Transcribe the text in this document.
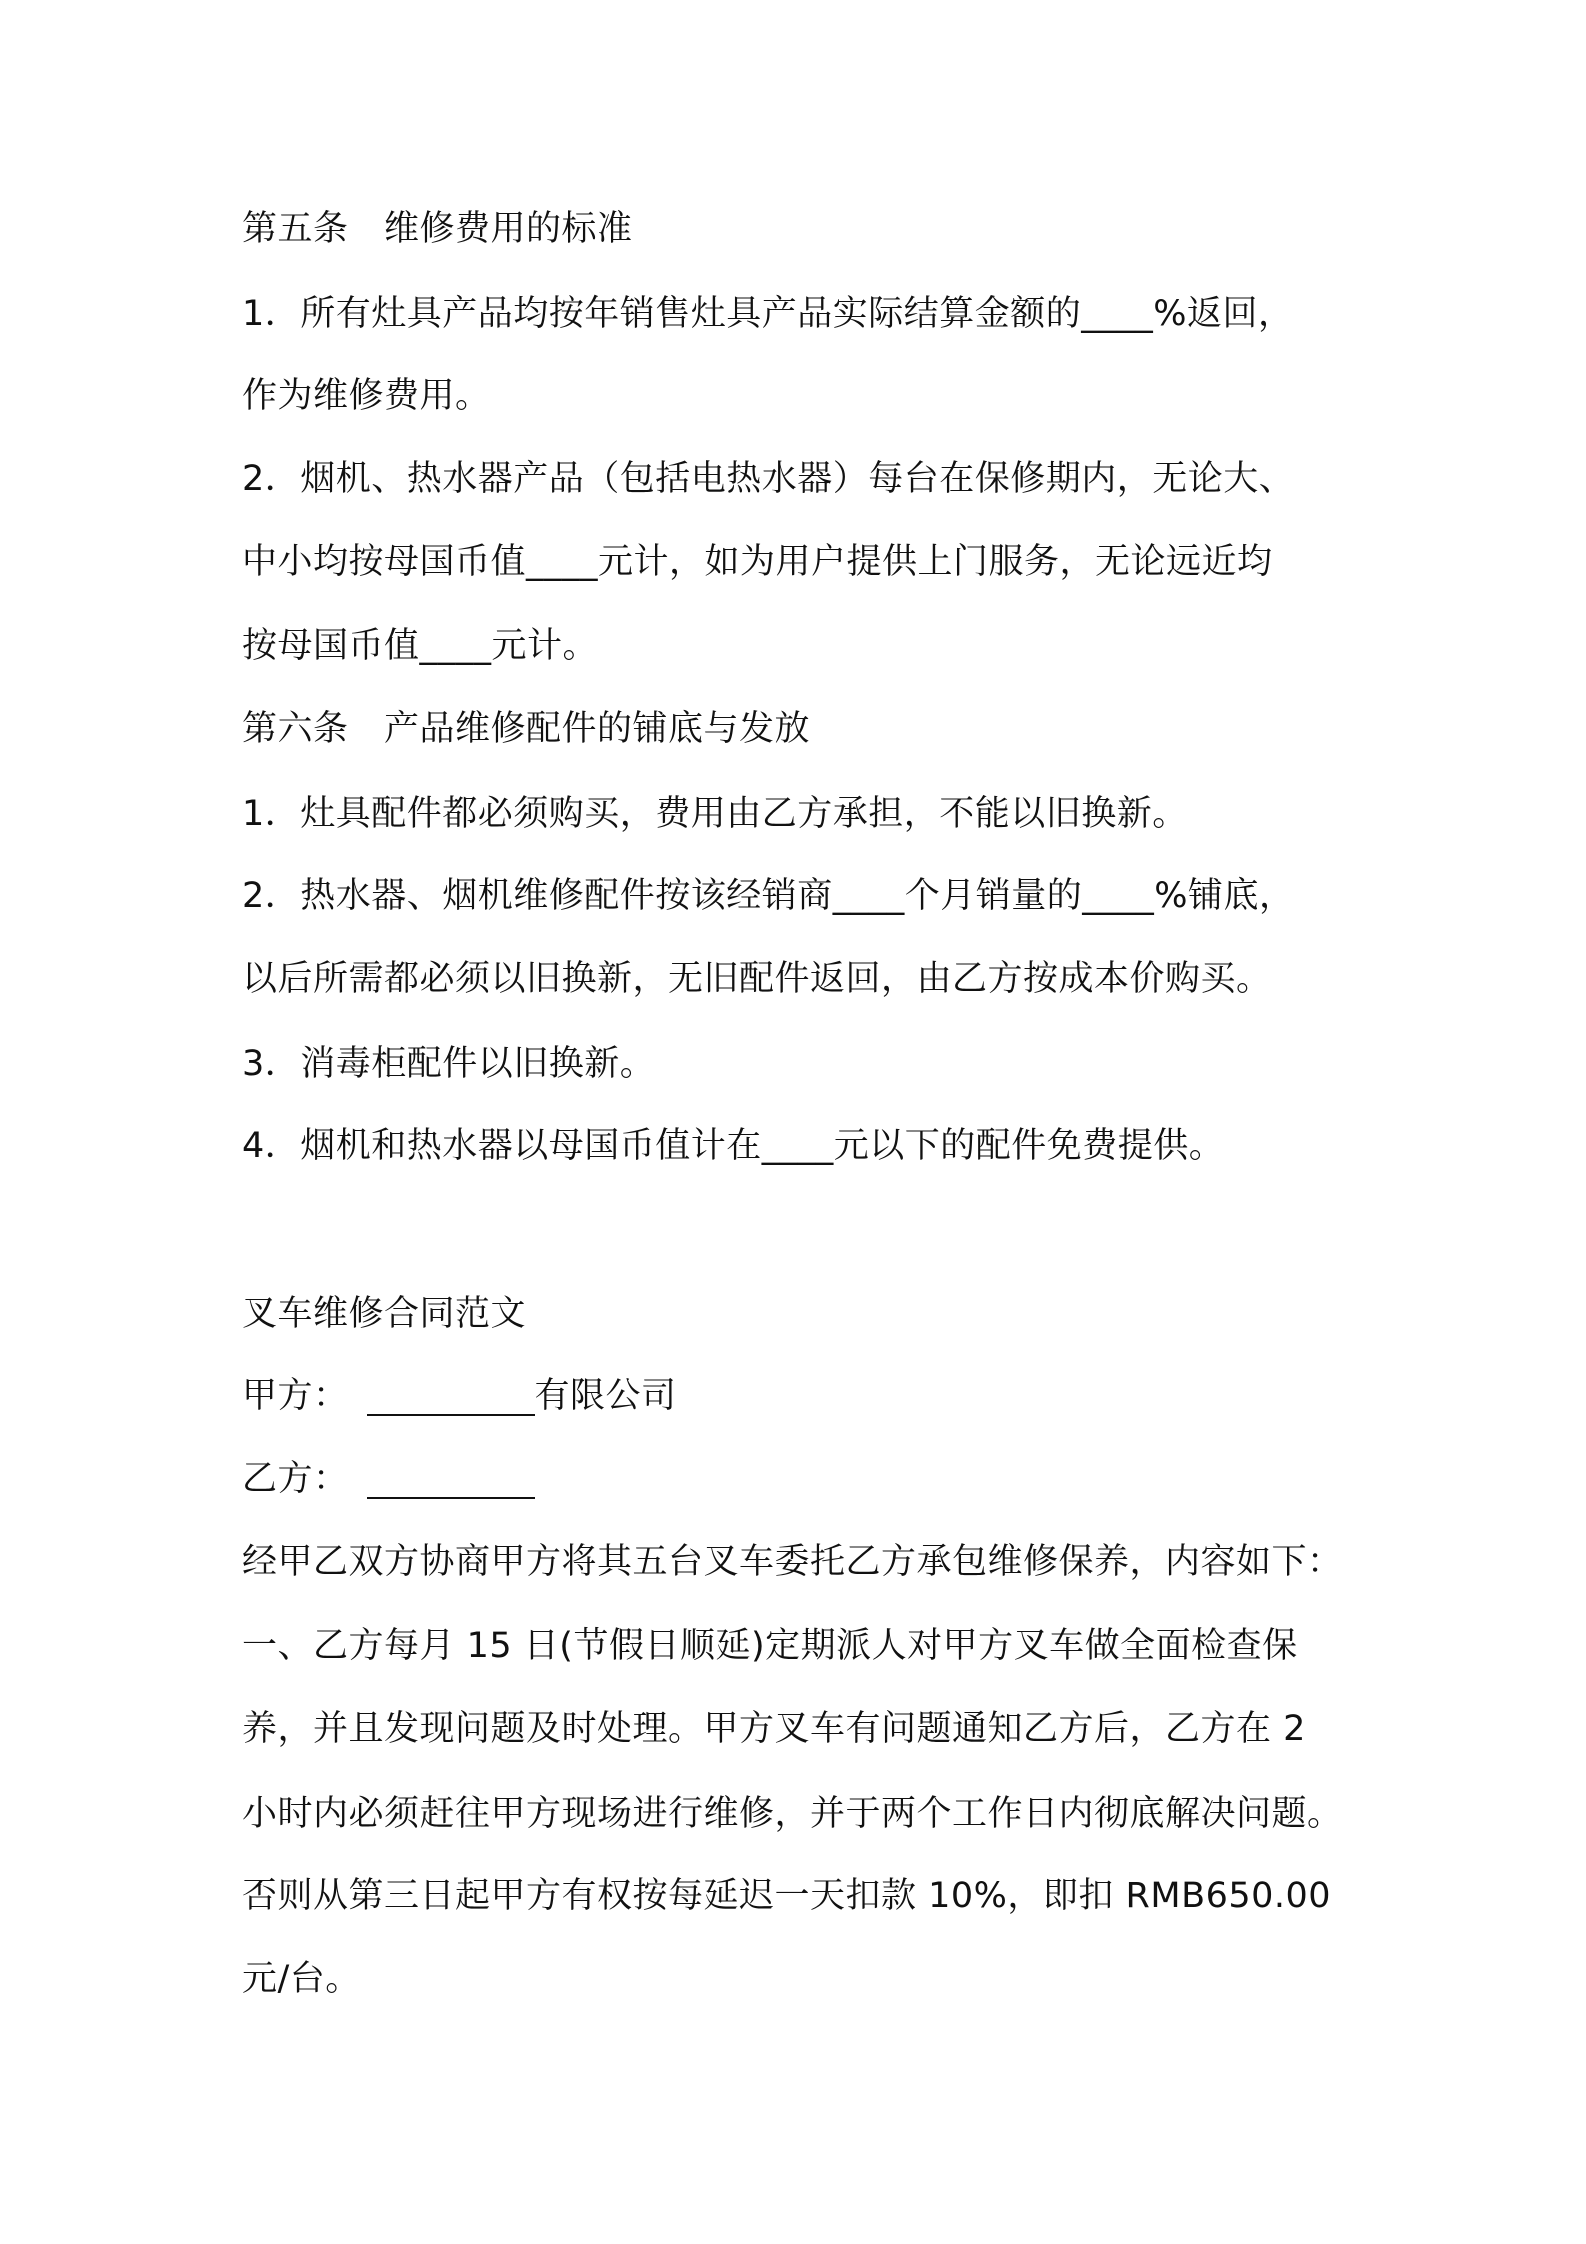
第五条　维修费用的标准
1．所有灶具产品均按年销售灶具产品实际结算金额的____%返回，
作为维修费用。
2．烟机、热水器产品（包括电热水器）每台在保修期内，无论大、
中小均按母国币值____元计，如为用户提供上门服务，无论远近均
按母国币值____元计。
第六条　产品维修配件的铺底与发放
1．灶具配件都必须购买，费用由乙方承担，不能以旧换新。
2．热水器、烟机维修配件按该经销商____个月销量的____%铺底，
以后所需都必须以旧换新，无旧配件返回，由乙方按成本价购买。
3．消毒柜配件以旧换新。
4．烟机和热水器以母国币值计在____元以下的配件免费提供。
叉车维修合同范文
甲方：	有限公司
乙方：
经甲乙双方协商甲方将其五台叉车委托乙方承包维修保养，内容如下：
一、乙方每月 15 日(节假日顺延)定期派人对甲方叉车做全面检查保
养，并且发现问题及时处理。甲方叉车有问题通知乙方后，乙方在 2
小时内必须赶往甲方现场进行维修，并于两个工作日内彻底解决问题。
否则从第三日起甲方有权按每延迟一天扣款 10%，即扣 RMB650.00
元/台。
